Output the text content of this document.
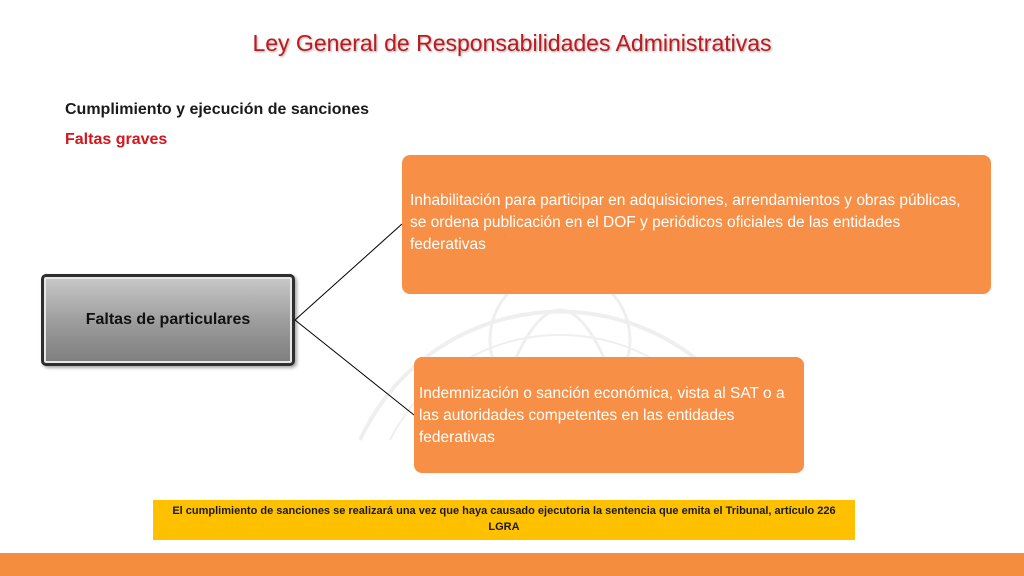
Ley General de Responsabilidades Administrativas
Cumplimiento y ejecución de sanciones
Faltas graves
Faltas de particulares
Inhabilitación para participar en adquisiciones, arrendamientos y obras públicas, se ordena publicación en el DOF y periódicos oficiales de las entidades federativas
Indemnización o sanción económica, vista al SAT o a las autoridades competentes en las entidades federativas
El cumplimiento de sanciones se realizará una vez que haya causado ejecutoria la sentencia que emita el Tribunal, artículo 226 LGRA
